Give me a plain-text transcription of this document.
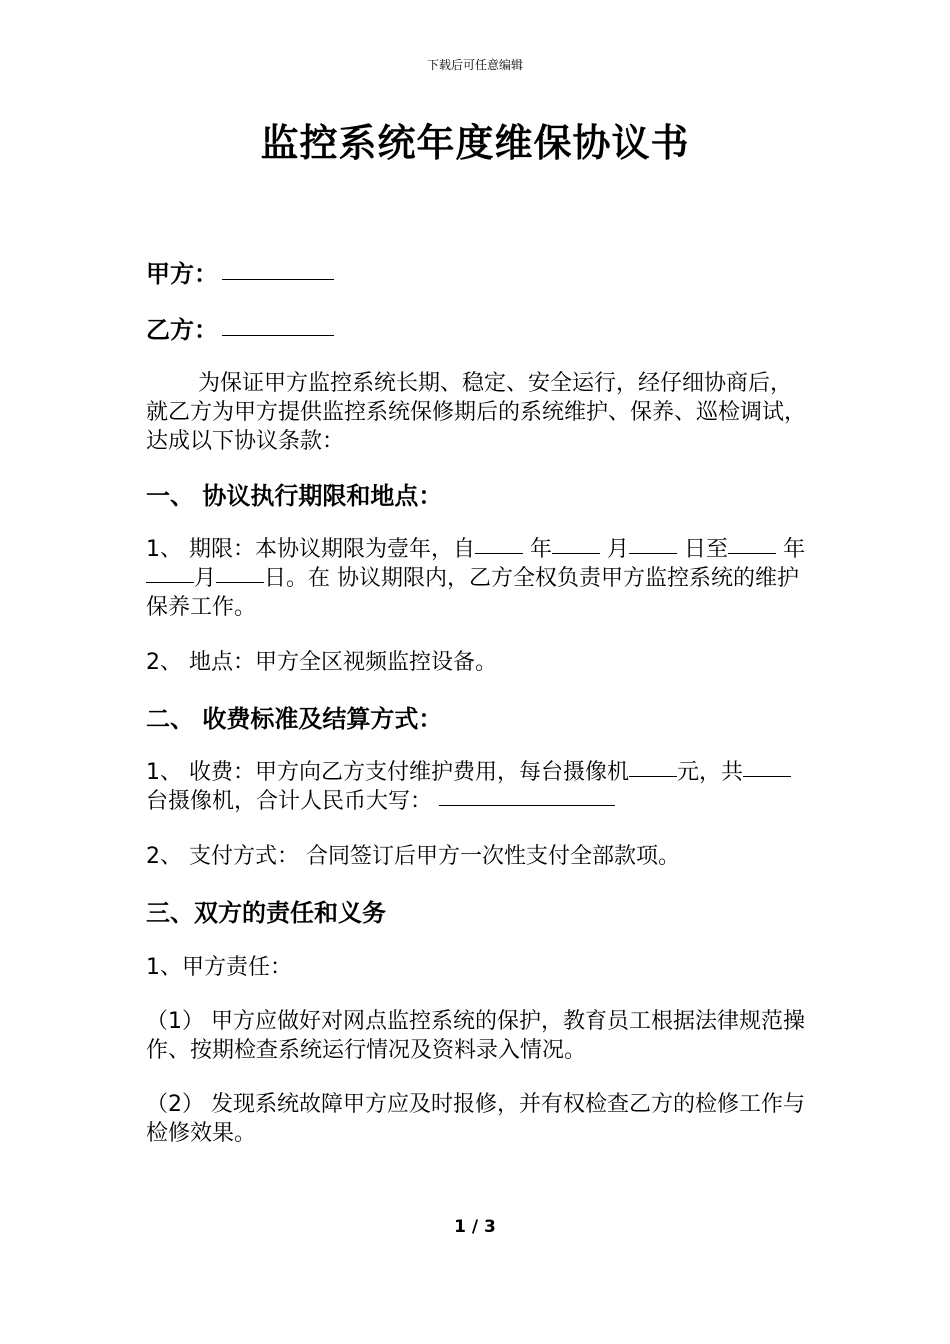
下载后可任意编辑
监控系统年度维保协议书
甲方：
乙方：
为保证甲方监控系统长期、稳定、安全运行，经仔细协商后，就乙方为甲方提供监控系统保修期后的系统维护、保养、巡检调试，达成以下协议条款：
一、 协议执行期限和地点：
1、 期限：本协议期限为壹年，自	年	月	日至	年月 日。在 协议期限内，乙方全权负责甲方监控系统的维护保养工作。
2、 地点：甲方全区视频监控设备。
二、 收费标准及结算方式：
1、 收费：甲方向乙方支付维护费用，每台摄像机 元，共台摄像机，合计人民币大写：
2、 支付方式： 合同签订后甲方一次性支付全部款项。
三、双方的责任和义务
1、甲方责任：
（1） 甲方应做好对网点监控系统的保护，教育员工根据法律规范操作、按期检查系统运行情况及资料录入情况。
（2） 发现系统故障甲方应及时报修，并有权检查乙方的检修工作与检修效果。
1 / 3
